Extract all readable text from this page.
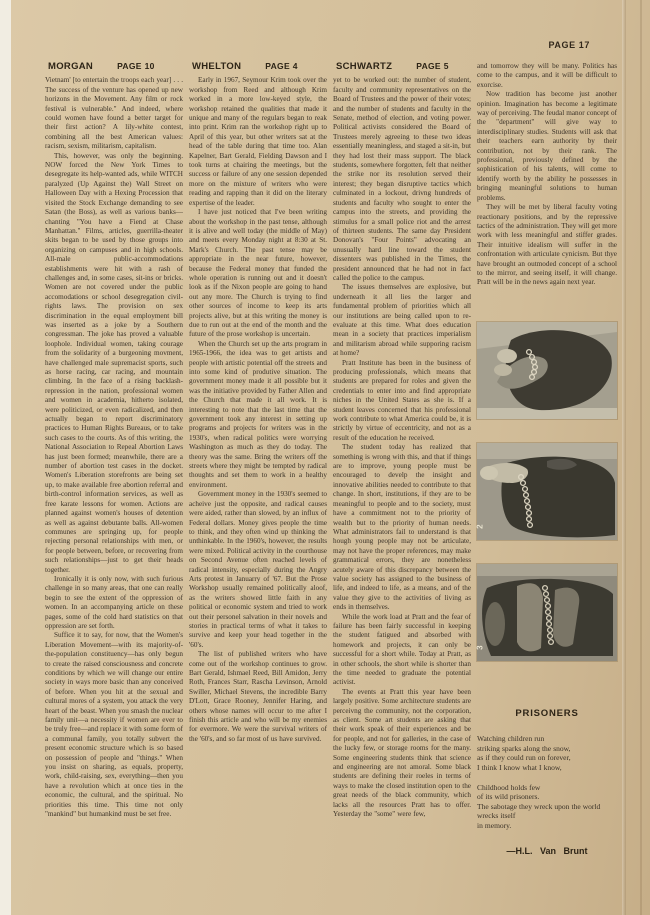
PAGE 17
MORGAN	PAGE 10

Vietnam' [to entertain the troops each year] . . . The success of the venture has opened up new horizons in the Movement. Any film or rock festival is vulnerable." And indeed, where could women have found a better target for their first action? A lily-white contest, combining all the best American values: racism, sexism, militarism, capitalism.

This, however, was only the beginning. NOW forced the New York Times to desegregate its help-wanted ads, while WITCH paralyzed (Up Against the) Wall Street on Halloween Day with a Hexing Procession that visited the Stock Exchange demanding to see Satan (the Boss), as well as various banks—chanting "You have a Fiend at Chase Manhattan." Films, articles, guerrilla-theater skits began to be used by those groups into organizing on campuses and in high schools. All-male public-accommodations establishments were hit with a rash of challenges and, in some cases, sit-ins or bricks. Women are not covered under the public accomodations or school desegregation civil-rights laws. The provision on sex discrimination in the equal employment bill was inserted as a joke by a Southern congressman. The joke has proved a valuable loophole. Individual women, taking courage from the solidarity of a burgeoning movment, have challenged male supremacist sports, such as horse racing, car racing, and mountain climbing. In the face of a rising backlash-repression in the nation, professional women and women in academia, hitherto isolated, were politicized, or even radicalized, and then actually began to report discriminatory practices to Human Rights Bureaus, or to take such cases to the courts. As of this writing, the National Association to Repeal Abortion Laws has just been formed; meanwhile, there are a number of abortion test cases in the docket. Women's Liberation storefronts are being set up, to make available free abortion referral and birth-control information services, as well as free karate lessons for women. Actions are planned against women's houses of detention as well as against debutante balls. All-women communes are springing up, for people rejecting personal relationships with men, or for people between, before, or recovering from such relationships—just to get their heads together.

Ironically it is only now, with such furious challenge in so many areas, that one can really begin to see the extent of the oppression of women. In an accompanying article on these pages, some of the cold hard statistics on that oppression are set forth.

Suffice it to say, for now, that the Women's Liberation Movement—with its majority-of-the-population constituency—has only begun to create the raised consciousness and concrete conditions by which we will change our entire society in ways more basic than any conceived of before. When you hit at the sexual and cultural mores of a system, you attack the very heart of the beast. When you smash the nuclear family unit—a necessity if women are ever to be truly free—and replace it with some form of a communal family, you totally subvert the present economic structure which is so based on possession of people and "things." When you insist on sharing, as equals, property, work, child-raising, sex, everything—then you have a revolution which at once ties in the economic, the cultural, and the spiritual. No priorities this time. This time not only "mankind" but humankind must be set free.

WHELTON	PAGE 4

Early in 1967, Seymour Krim took over the workshop from Reed and although Krim worked in a more low-keyed style, the workshop retained the qualities that made it unique and many of the regulars began to reak into print. Krim ran the workshop right up to April of this year, but other writers sat at the head of the table during that time too. Alan Kapelner, Bart Gerald, Fielding Dawson and I took turns at chairing the meetings, but the success or failure of any one session depended more on the mixture of writers who were reading and rapping than it did on the literary expertise of the leader.

I have just noticed that I've been writing about the workshop in the past tense, although it is alive and well today (the middle of May) and meets every Monday night at 8:30 at St. Mark's Church. The past tense may be appropriate in the near future, however, because the Federal money that funded the whole operation is running out and it doesn't look as if the Nixon people are going to hand out any more. The Church is trying to find other sources of income to keep its arts projects alive, but at this writing the money is due to run out at the end of the month and the future of the prose workshop is uncertain.

When the Church set up the arts program in 1965-1966, the idea was to get artists and people with artistic potential off the streets and into some kind of produtive situation. The government money made it all possible but it was the initiative provided by Father Allen and the Church that made it all work. It is interesting to note that the last time that the government took any interest in setting up programs and projects for writers was in the 1930's, when radical politics were worrying Washington as much as they do today. The theory was the same. Bring the writers off the streets where they might be tempted by radical thoughts and set them to work in a healthy environment.

Government money in the 1930's seemed to acheive just the opposite, and radical causes were aided, rather than slowed, by an influx of Federal dollars. Money gives people the time to think, and they often wind up thinking the unthinkable. In the 1960's, however, the results were mixed. Political activity in the courthouse on Second Avenue often reached levels of radical intensity, especially during the Angry Arts protest in Januarry of '67. But the Prose Workshop usually remained politically aloof, as the writers showed little faith in any political or economic system and tried to work out their personel salvation in their novels and stories in practical terms of what it takes to survive and keep your head together in the '60's.

The list of published writers who have come out of the workshop continues to grow. Bart Gerald, Ishmael Reed, Bill Amidon, Jerry Roth, Frances Starr, Rascha Levinson, Arnold Swiller, Michael Stevens, the incredible Barry D'Lott, Grace Rooney, Jennifer Haring, and others whose names will occur to me after I finish this article and who will be my enemies for evermore. We were the survival writers of the '60's, and so far most of us have survived.

SCHWARTZ	PAGE 5

yet to be worked out: the number of student, faculty and community representatives on the Board of Trustees and the power of their votes; and the number of students and faculty in the Senate, method of election, and voting power. Political activists considered the Board of Trustees merely agreeing to these two ideas essentially meaningless, and staged a sit-in, but they had lost their mass support. The black students, somewhere forgotten, felt that neither the strike nor its resolution served their interest; they began disruptive tactics which culminated in a lockout, drivng hundreds of students and faculty who sought to enter the campus into the streets, and providing the stimulus for a small police riot and the arrest of thirteen students. The same day President Donovan's "Four Points" advocating an unusually hard line toward the student dissenters was published in the Times, the president announced that he had not in fact called the police to the campus.

The issues themselves are explosive, but underneath it all lies the larger and fundamental problem of priorities which all our institutions are being called upon to re-evaluate at this time. What does education mean in a society that practices imperialism and militarism abroad while supporing racism at home?

Pratt Institute has been in the business of producing professionals, which means that students are prepared for roles and given the credentials to enter into and find appropriate niches in the United States as she is. If a student leaves concerned that his professional work contribute to what America could be, it is strictly by virtue of eccentricity, and not as a result of the education he received.

The student today has realized that something is wrong with this, and that if things are to improve, young people must be encouraged to develp the insight and innovative abilities needed to contribute to that change. In short, institutions, if they are to be meaningful to people and to the society, must have a commitment not to the priority of wealth but to the priority of human needs. What administrators fail to understand is that hough young people may not be articulate, may not have the proper references, may make grammatical errors, they are nonetheless acutely aware of this discrepancy between the value society has assigned to the business of life, and indeed to life, as a means, and of the value they give to the activities of living as ends in themselves.

While the work load at Pratt and the fear of failure has been fairly successful in keeping the student fatigued and absorbed with homework and projects, it can only be successful for a short while. Today at Pratt, as in other schools, the short while is shorter than the time needed to graduate the potential activist.

The events at Pratt this year have been largely positive. Some architecture students are perceivng the community, not the corporation, as client. Some art students are asking that their work speak of their experiences and be for people, and not for galleries, in the case of the lucky few, or storage rooms for the many. Some engineering students think that science and engineering are not amoral. Some black students are defining their roeles in terms of ways to make the closed institution open to the great needs of the black community, which lacks all the resources Pratt has to offer. Yesterday the "some" were few,

and tomorrow they will be many. Politics has come to the campus, and it will be difficult to exorcise.

Now tradition has become just another opinion. Imagination has become a legitimate way of perceiving. The feudal manor concept of the "department" will give way to interdisciplinary studies. Students will ask that their teachers earn authority by their contribution, not by their rank. The professional, previously defined by the sophistication of his talents, will come to identify worth by the ability he possesses in bringing meaningful solutions to human problems.

They will be met by liberal faculty voting reactionary positions, and by the repressive tactics of the administration. They will get more work with less meaningful and stiffer grades. Their intuitive idealism will suffer in the confrontation with articulate cynicism. But thye have brought an outmoded concept of a school to the mirror, and seeing itself, it will change. Pratt will be in the news again next year.

2
3
PRISONERS
Watching children run
striking sparks along the snow,
as if they could run on forever,
I think I know what I know,
Childhood holds few
of its wild prisoners.
The sabotage they wreck upon the world
wrecks itself
in memory.
—H.L. Van Brunt
